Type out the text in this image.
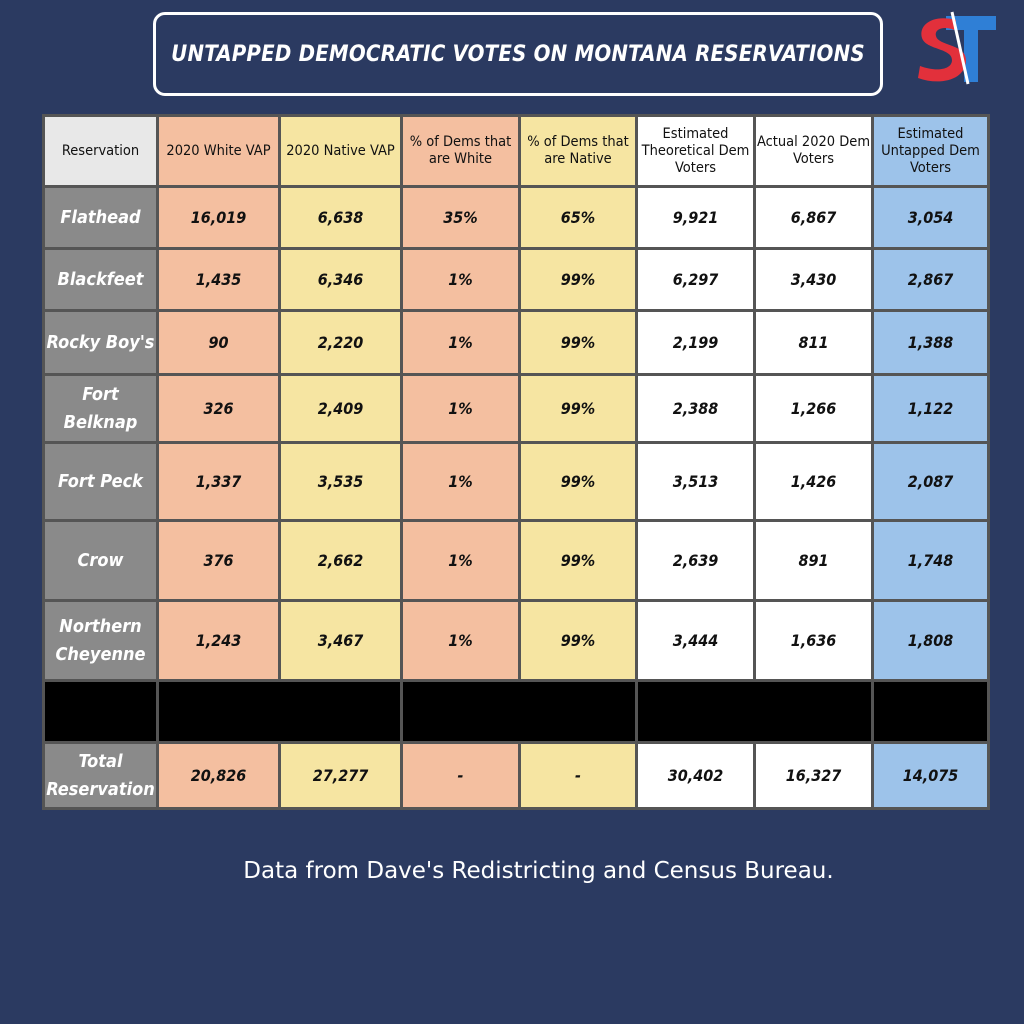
UNTAPPED DEMOCRATIC VOTES ON MONTANA RESERVATIONS
Reservation	2020 White VAP	2020 Native VAP	% of Dems that are White	% of Dems that are Native	Estimated Theoretical Dem Voters	Actual 2020 Dem Voters	Estimated Untapped Dem Voters
Flathead	16,019	6,638	35%	65%	9,921	6,867	3,054
Blackfeet	1,435	6,346	1%	99%	6,297	3,430	2,867
Rocky Boy's	90	2,220	1%	99%	2,199	811	1,388
Fort Belknap	326	2,409	1%	99%	2,388	1,266	1,122
Fort Peck	1,337	3,535	1%	99%	3,513	1,426	2,087
Crow	376	2,662	1%	99%	2,639	891	1,748
Northern Cheyenne	1,243	3,467	1%	99%	3,444	1,636	1,808

Total Reservation	20,826	27,277	-	-	30,402	16,327	14,075
Data from Dave's Redistricting and Census Bureau.
